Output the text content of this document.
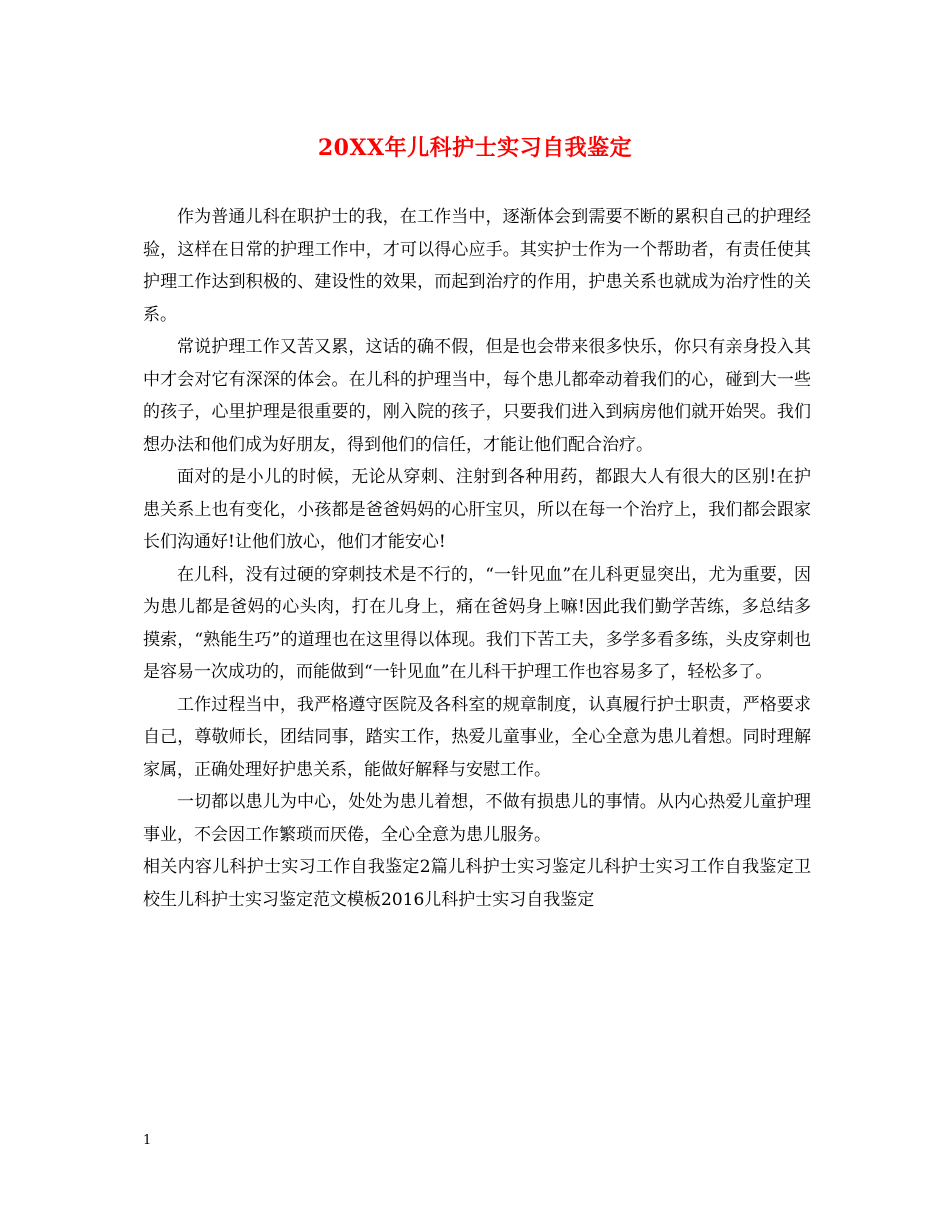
20XX年儿科护士实习自我鉴定

作为普通儿科在职护士的我，在工作当中，逐渐体会到需要不断的累积自己的护理经验，这样在日常的护理工作中，才可以得心应手。其实护士作为一个帮助者，有责任使其护理工作达到积极的、建设性的效果，而起到治疗的作用，护患关系也就成为治疗性的关系。

常说护理工作又苦又累，这话的确不假，但是也会带来很多快乐，你只有亲身投入其中才会对它有深深的体会。在儿科的护理当中，每个患儿都牵动着我们的心，碰到大一些的孩子，心里护理是很重要的，刚入院的孩子，只要我们进入到病房他们就开始哭。我们想办法和他们成为好朋友，得到他们的信任，才能让他们配合治疗。

面对的是小儿的时候，无论从穿刺、注射到各种用药，都跟大人有很大的区别!在护患关系上也有变化，小孩都是爸爸妈妈的心肝宝贝，所以在每一个治疗上，我们都会跟家长们沟通好!让他们放心，他们才能安心!

在儿科，没有过硬的穿刺技术是不行的，“一针见血”在儿科更显突出，尤为重要，因为患儿都是爸妈的心头肉，打在儿身上，痛在爸妈身上嘛!因此我们勤学苦练，多总结多摸索，“熟能生巧”的道理也在这里得以体现。我们下苦工夫，多学多看多练，头皮穿刺也是容易一次成功的，而能做到“一针见血”在儿科干护理工作也容易多了，轻松多了。

工作过程当中，我严格遵守医院及各科室的规章制度，认真履行护士职责，严格要求自己，尊敬师长，团结同事，踏实工作，热爱儿童事业，全心全意为患儿着想。同时理解家属，正确处理好护患关系，能做好解释与安慰工作。

一切都以患儿为中心，处处为患儿着想，不做有损患儿的事情。从内心热爱儿童护理事业，不会因工作繁琐而厌倦，全心全意为患儿服务。

相关内容儿科护士实习工作自我鉴定2篇儿科护士实习鉴定儿科护士实习工作自我鉴定卫校生儿科护士实习鉴定范文模板2016儿科护士实习自我鉴定

1
